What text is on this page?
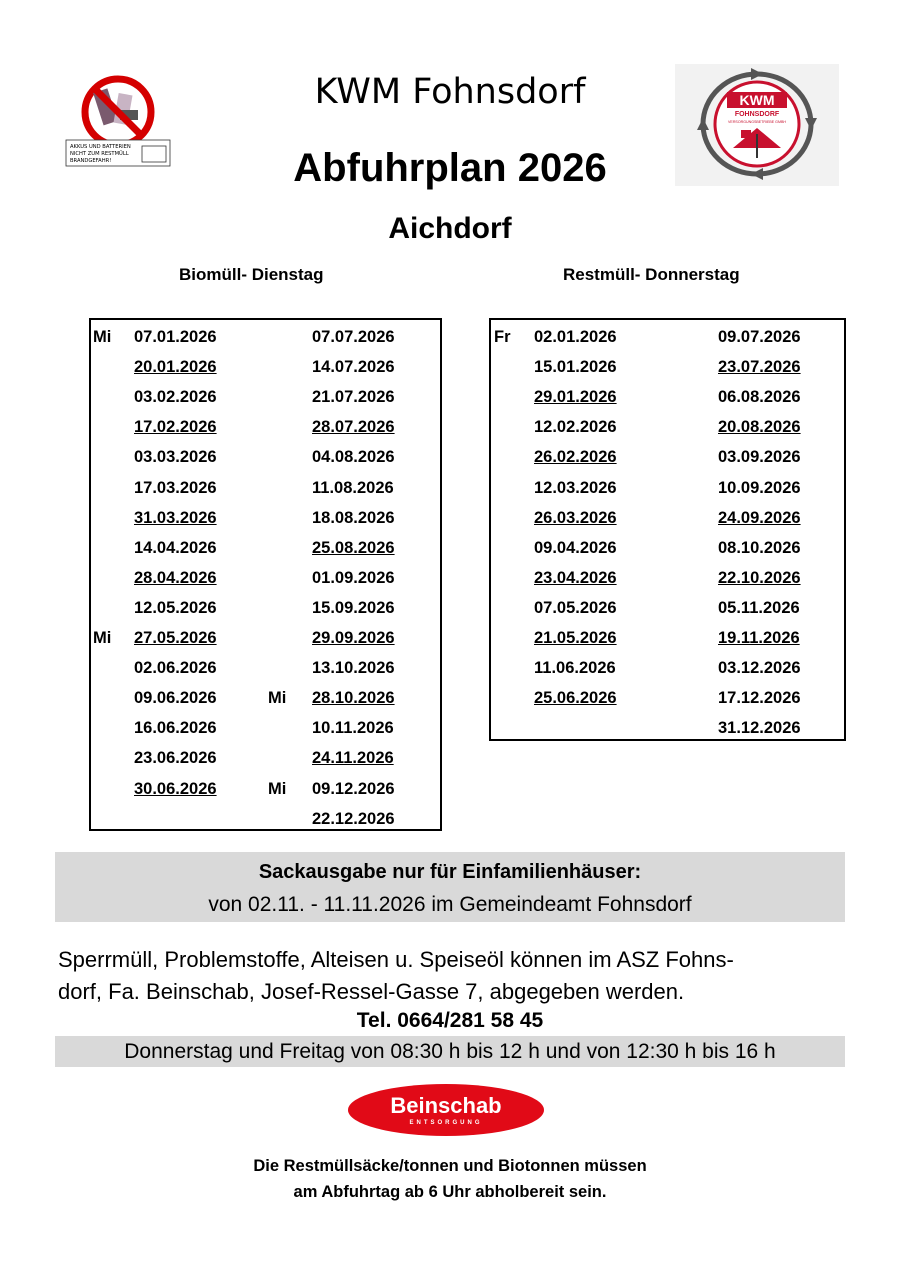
AKKUS UND BATTERIEN
NICHT ZUM RESTMÜLL
BRANDGEFAHR!
KWM
FOHNSDORF
VERSORGUNGSBETRIEBE GMBH
KWM Fohnsdorf
Abfuhrplan 2026
Aichdorf
Biomüll- Dienstag	Restmüll- Donnerstag
Sackausgabe nur für Einfamilienhäuser:
von 02.11. - 11.11.2026 im Gemeindeamt Fohnsdorf
Sperrmüll, Problemstoffe, Alteisen u. Speiseöl können im ASZ Fohns-
dorf, Fa. Beinschab, Josef-Ressel-Gasse 7, abgegeben werden.
Tel. 0664/281 58 45
Donnerstag und Freitag von 08:30 h bis 12 h und von 12:30 h bis 16 h
Beinschab
ENTSORGUNG
Die Restmüllsäcke/tonnen und Biotonnen müssen
am Abfuhrtag ab 6 Uhr abholbereit sein.
Mi 07.01.2026
20.01.2026
03.02.2026
17.02.2026
03.03.2026
17.03.2026
31.03.2026
14.04.2026
28.04.2026
12.05.2026
Mi 27.05.2026
02.06.2026
09.06.2026
16.06.2026
23.06.2026
30.06.2026
07.07.2026
14.07.2026
21.07.2026
28.07.2026
04.08.2026
11.08.2026
18.08.2026
25.08.2026
01.09.2026
15.09.2026
29.09.2026
13.10.2026
Mi 28.10.2026
10.11.2026
24.11.2026
Mi 09.12.2026
22.12.2026
Fr 02.01.2026
15.01.2026
29.01.2026
12.02.2026
26.02.2026
12.03.2026
26.03.2026
09.04.2026
23.04.2026
07.05.2026
21.05.2026
11.06.2026
25.06.2026
09.07.2026
23.07.2026
06.08.2026
20.08.2026
03.09.2026
10.09.2026
24.09.2026
08.10.2026
22.10.2026
05.11.2026
19.11.2026
03.12.2026
17.12.2026
31.12.2026
